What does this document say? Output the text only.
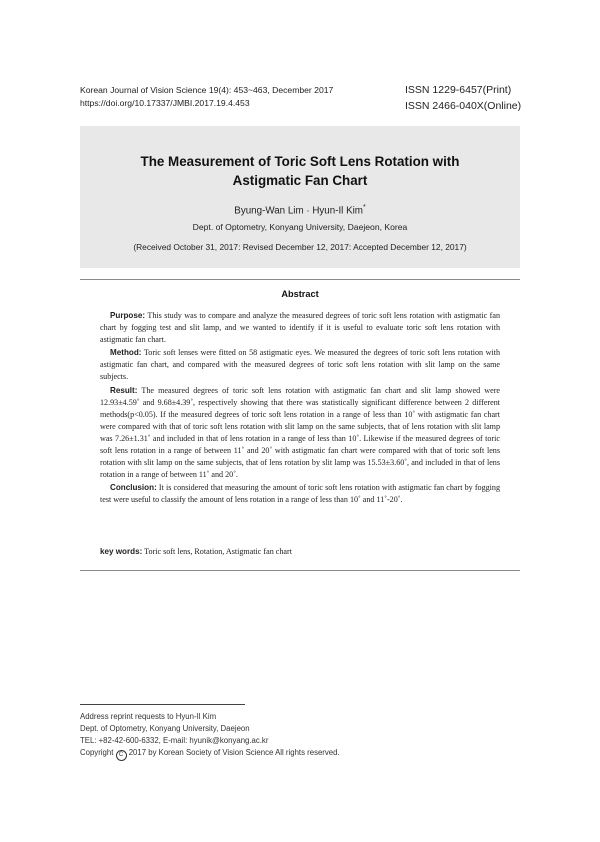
Korean Journal of Vision Science 19(4): 453~463, December 2017
https://doi.org/10.17337/JMBI.2017.19.4.453
ISSN 1229-6457(Print)
ISSN 2466-040X(Online)
The Measurement of Toric Soft Lens Rotation with
Astigmatic Fan Chart
Byung-Wan Lim · Hyun-Il Kim*
Dept. of Optometry, Konyang University, Daejeon, Korea
(Received October 31, 2017: Revised December 12, 2017: Accepted December 12, 2017)
Abstract

Purpose: This study was to compare and analyze the measured degrees of toric soft lens rotation with astigmatic fan chart by fogging test and slit lamp, and we wanted to identify if it is useful to evaluate toric soft lens rotation with astigmatic fan chart.

Method: Toric soft lenses were fitted on 58 astigmatic eyes. We measured the degrees of toric soft lens rotation with astigmatic fan chart, and compared with the measured degrees of toric soft lens rotation with slit lamp on the same subjects.

Result: The measured degrees of toric soft lens rotation with astigmatic fan chart and slit lamp showed were 12.93±4.59˚ and 9.68±4.39˚, respectively showing that there was statistically significant difference between 2 different methods(p<0.05). If the measured degrees of toric soft lens rotation in a range of less than 10˚ with astigmatic fan chart were compared with that of toric soft lens rotation with slit lamp on the same subjects, that of lens rotation with slit lamp was 7.26±1.31˚ and included in that of lens rotation in a range of less than 10˚. Likewise if the measured degrees of toric soft lens rotation in a range of between 11˚ and 20˚ with astigmatic fan chart were compared with that of toric soft lens rotation with slit lamp on the same subjects, that of lens rotation by slit lamp was 15.53±3.60˚, and included in that of lens rotation in a range of between 11˚ and 20˚.

Conclusion: It is considered that measuring the amount of toric soft lens rotation with astigmatic fan chart by fogging test were useful to classify the amount of lens rotation in a range of less than 10˚ and 11˚-20˚.

key words: Toric soft lens, Rotation, Astigmatic fan chart
Address reprint requests to Hyun-Il Kim
Dept. of Optometry, Konyang University, Daejeon
TEL: +82-42-600-6332, E-mail: hyunik@konyang.ac.kr
Copyright C 2017 by Korean Society of Vision Science All rights reserved.
